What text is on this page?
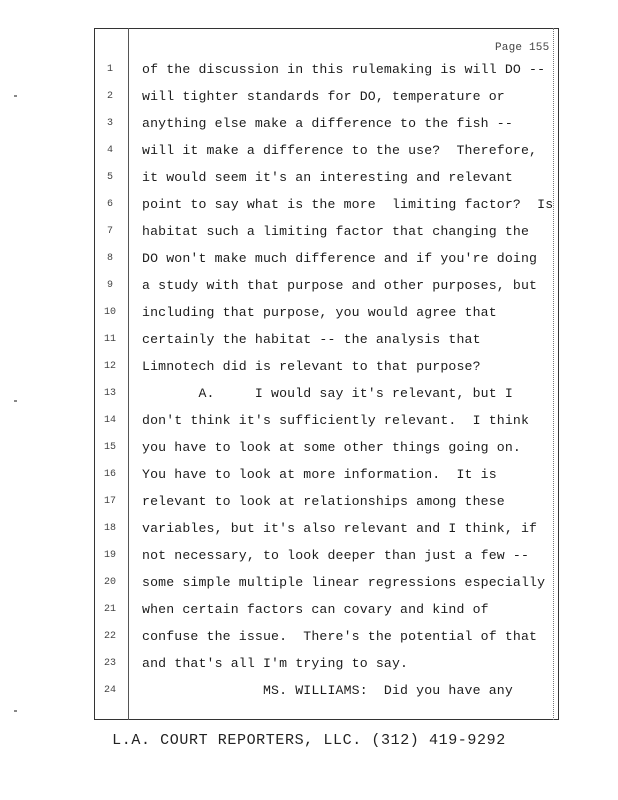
Page 155
1	of the discussion in this rulemaking is will DO --
2	will tighter standards for DO, temperature or
3	anything else make a difference to the fish --
4	will it make a difference to the use?  Therefore,
5	it would seem it's an interesting and relevant
6	point to say what is the more  limiting factor?  Is
7	habitat such a limiting factor that changing the
8	DO won't make much difference and if you're doing
9	a study with that purpose and other purposes, but
10	including that purpose, you would agree that
11	certainly the habitat -- the analysis that
12	Limnotech did is relevant to that purpose?
13	A.     I would say it's relevant, but I
14	don't think it's sufficiently relevant.  I think
15	you have to look at some other things going on.
16	You have to look at more information.  It is
17	relevant to look at relationships among these
18	variables, but it's also relevant and I think, if
19	not necessary, to look deeper than just a few --
20	some simple multiple linear regressions especially
21	when certain factors can covary and kind of
22	confuse the issue.  There's the potential of that
23	and that's all I'm trying to say.
24	MS. WILLIAMS:  Did you have any
L.A. COURT REPORTERS, LLC. (312) 419-9292
